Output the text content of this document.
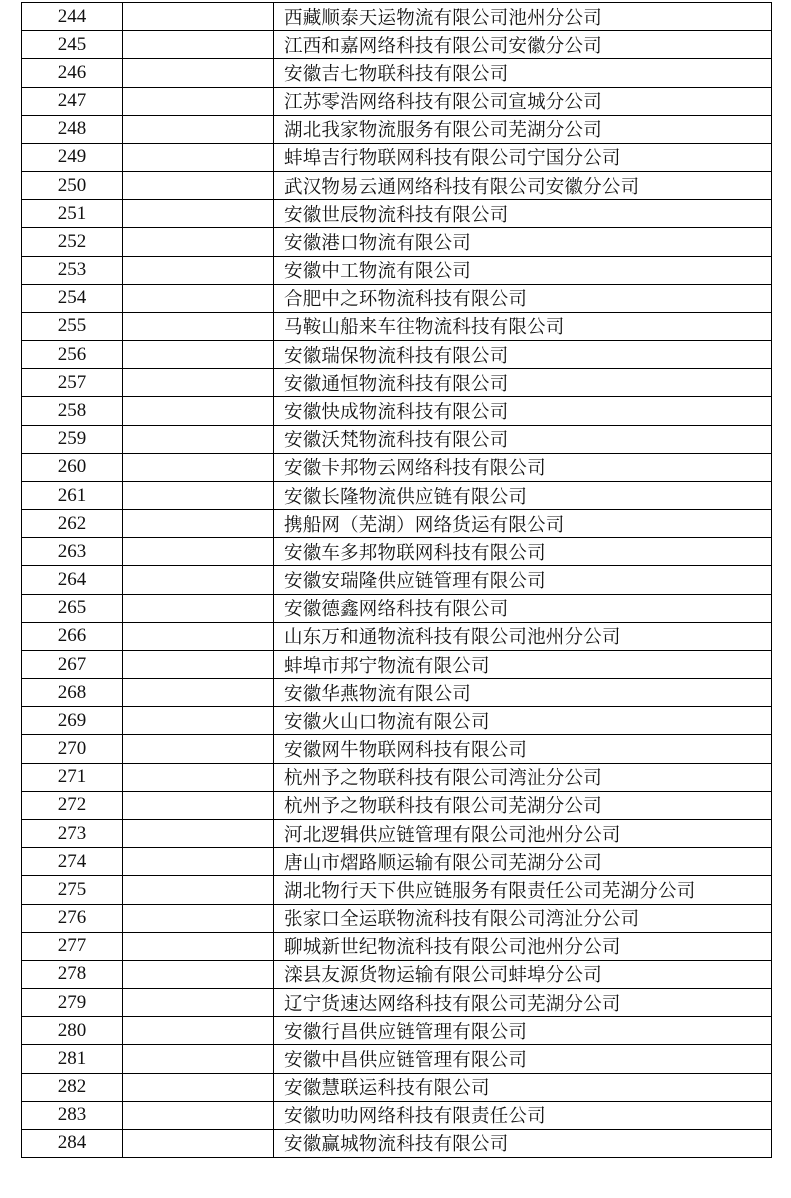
244		西藏顺泰天运物流有限公司池州分公司
245		江西和嘉网络科技有限公司安徽分公司
246		安徽吉七物联科技有限公司
247		江苏零浩网络科技有限公司宣城分公司
248		湖北我家物流服务有限公司芜湖分公司
249		蚌埠吉行物联网科技有限公司宁国分公司
250		武汉物易云通网络科技有限公司安徽分公司
251		安徽世辰物流科技有限公司
252		安徽港口物流有限公司
253		安徽中工物流有限公司
254		合肥中之环物流科技有限公司
255		马鞍山船来车往物流科技有限公司
256		安徽瑞保物流科技有限公司
257		安徽通恒物流科技有限公司
258		安徽快成物流科技有限公司
259		安徽沃梵物流科技有限公司
260		安徽卡邦物云网络科技有限公司
261		安徽长隆物流供应链有限公司
262		携船网（芜湖）网络货运有限公司
263		安徽车多邦物联网科技有限公司
264		安徽安瑞隆供应链管理有限公司
265		安徽德鑫网络科技有限公司
266		山东万和通物流科技有限公司池州分公司
267		蚌埠市邦宁物流有限公司
268		安徽华燕物流有限公司
269		安徽火山口物流有限公司
270		安徽网牛物联网科技有限公司
271		杭州予之物联科技有限公司湾沚分公司
272		杭州予之物联科技有限公司芜湖分公司
273		河北逻辑供应链管理有限公司池州分公司
274		唐山市熠路顺运输有限公司芜湖分公司
275		湖北物行天下供应链服务有限责任公司芜湖分公司
276		张家口全运联物流科技有限公司湾沚分公司
277		聊城新世纪物流科技有限公司池州分公司
278		滦县友源货物运输有限公司蚌埠分公司
279		辽宁货速达网络科技有限公司芜湖分公司
280		安徽行昌供应链管理有限公司
281		安徽中昌供应链管理有限公司
282		安徽慧联运科技有限公司
283		安徽叻叻网络科技有限责任公司
284		安徽赢城物流科技有限公司
